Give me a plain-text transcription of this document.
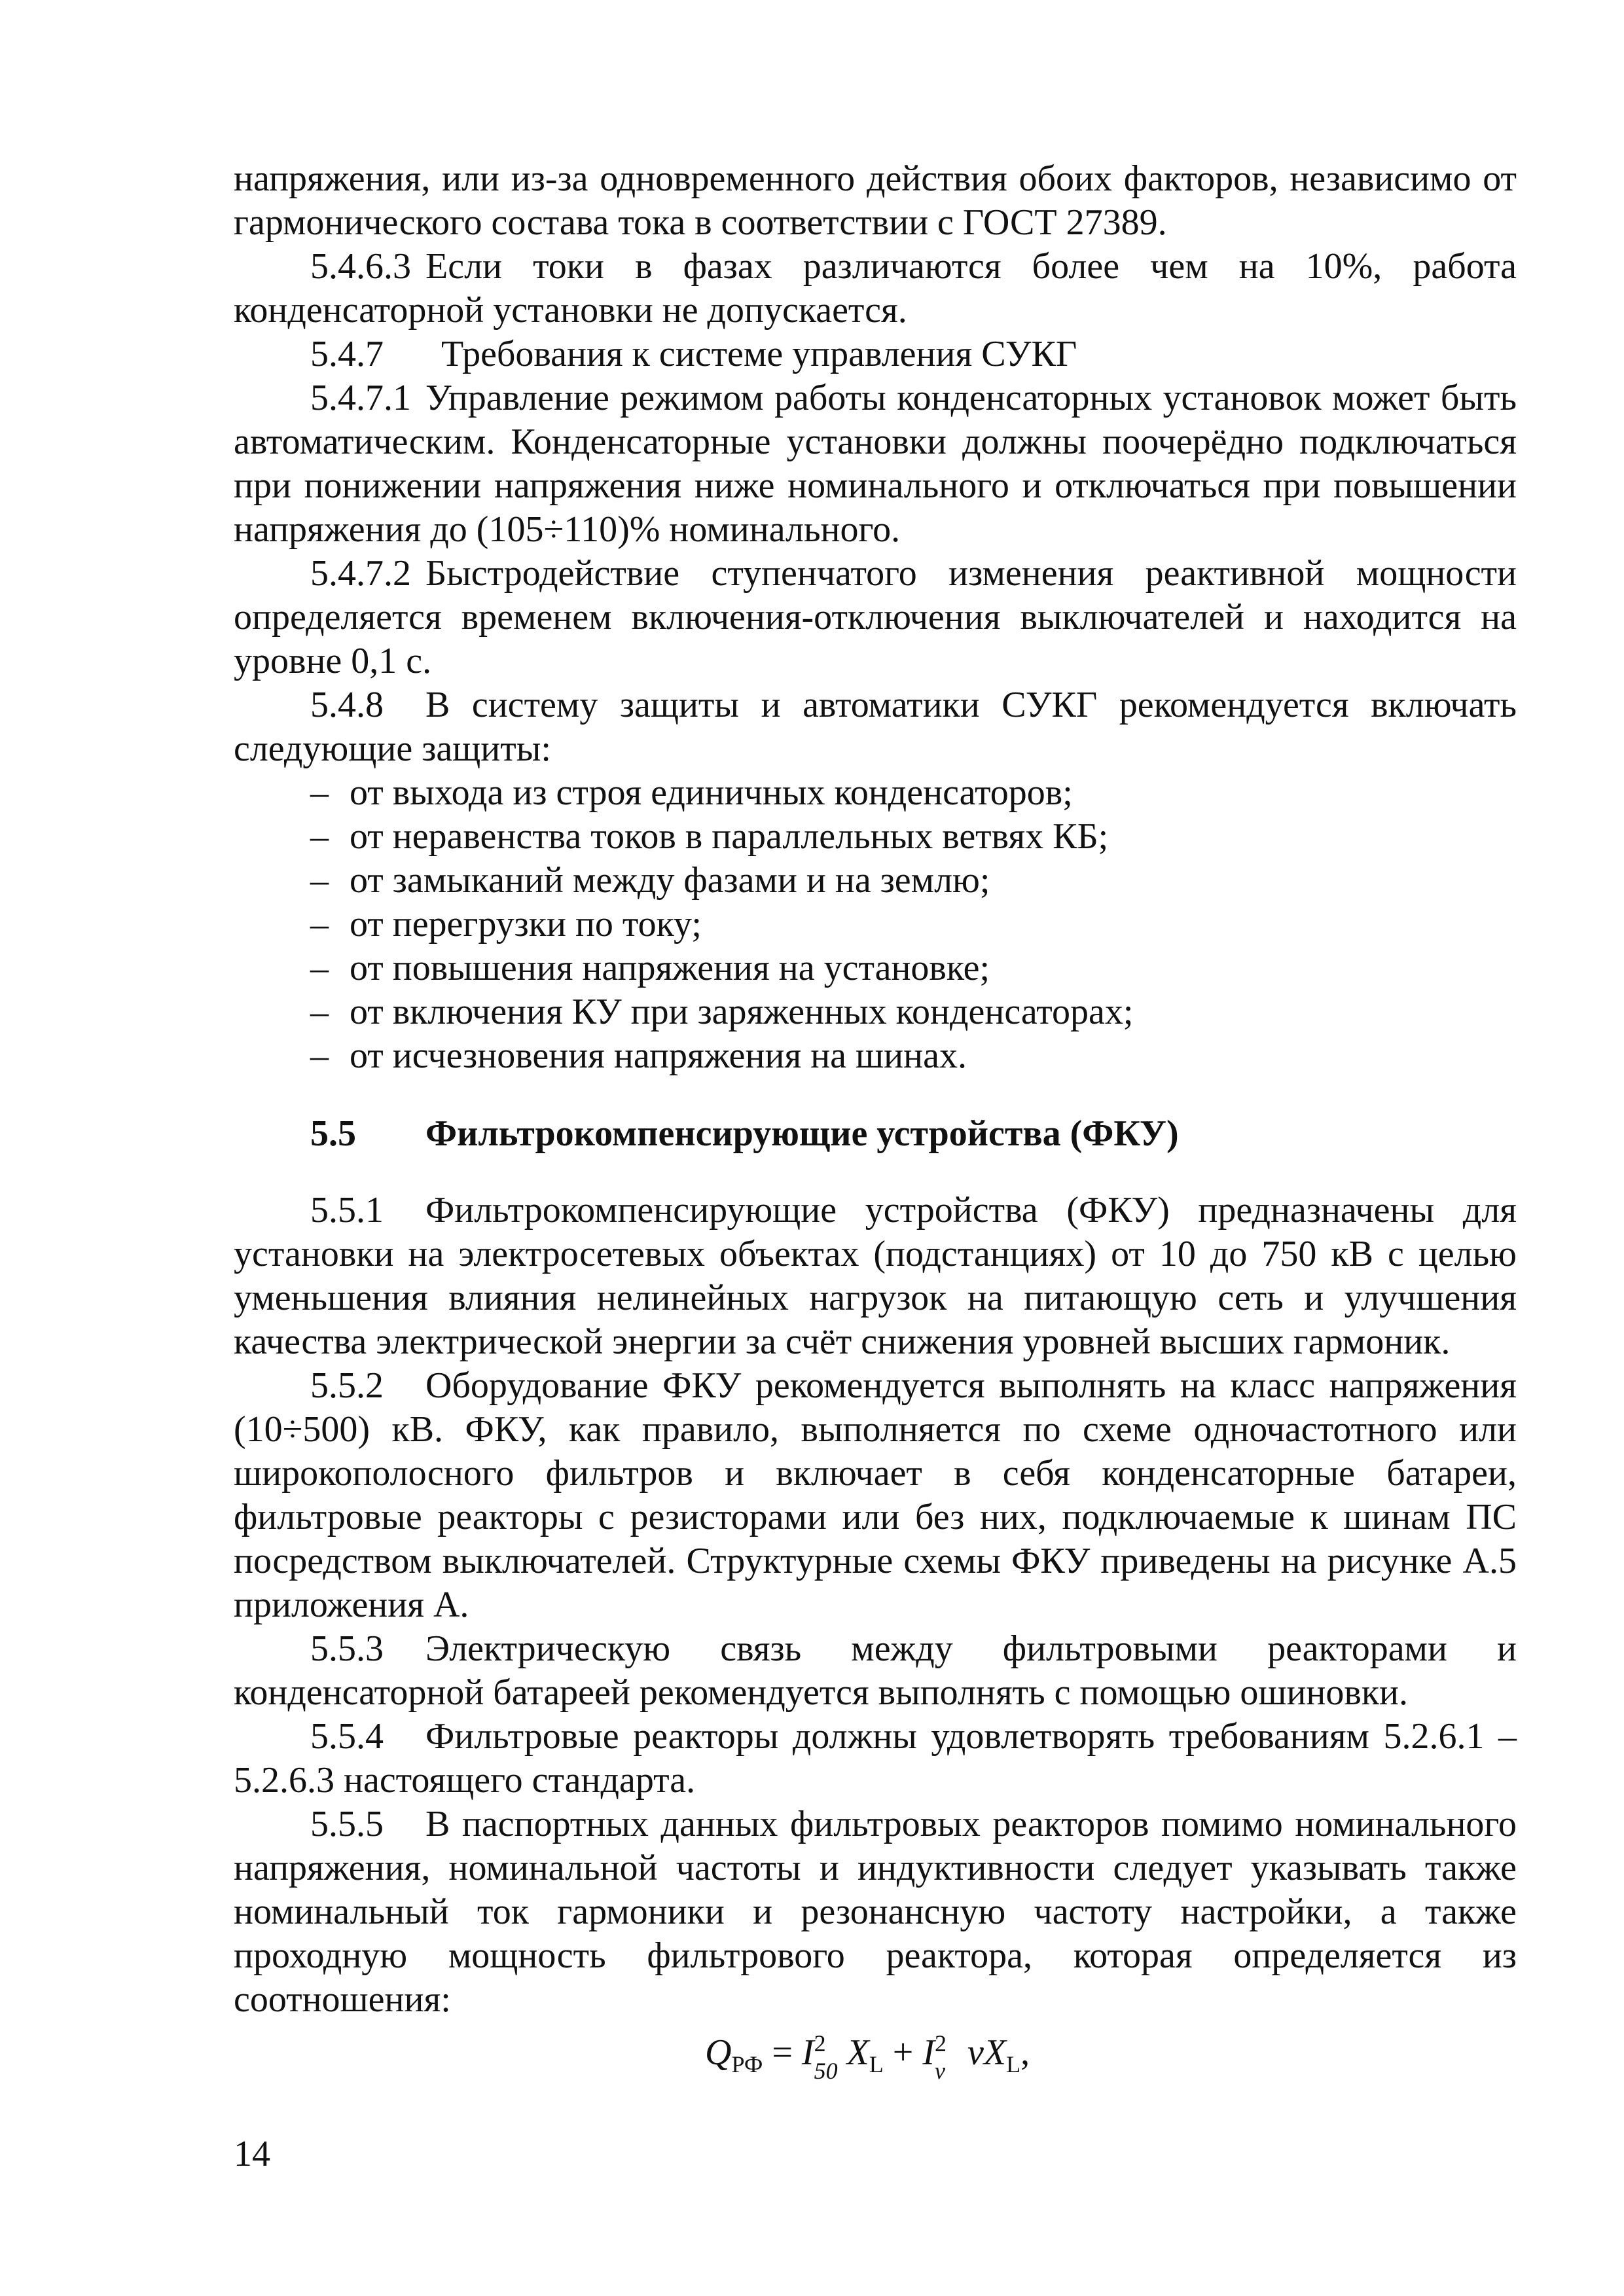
напряжения, или из-за одновременного действия обоих факторов, независимо от гармонического состава тока в соответствии с ГОСТ 27389.

5.4.6.3 Если токи в фазах различаются более чем на 10%, работа конденсаторной установки не допускается.

5.4.7 Требования к системе управления СУКГ

5.4.7.1 Управление режимом работы конденсаторных установок может быть автоматическим. Конденсаторные установки должны поочерёдно подключаться при понижении напряжения ниже номинального и отключаться при повышении напряжения до (105÷110)% номинального.

5.4.7.2 Быстродействие ступенчатого изменения реактивной мощности определяется временем включения-отключения выключателей и находится на уровне 0,1 с.

5.4.8 В систему защиты и автоматики СУКГ рекомендуется включать следующие защиты:

– от выхода из строя единичных конденсаторов;

– от неравенства токов в параллельных ветвях КБ;

– от замыканий между фазами и на землю;

– от перегрузки по току;

– от повышения напряжения на установке;

– от включения КУ при заряженных конденсаторах;

– от исчезновения напряжения на шинах.

5.5 Фильтрокомпенсирующие устройства (ФКУ)

5.5.1 Фильтрокомпенсирующие устройства (ФКУ) предназначены для установки на электросетевых объектах (подстанциях) от 10 до 750 кВ с целью уменьшения влияния нелинейных нагрузок на питающую сеть и улучшения качества электрической энергии за счёт снижения уровней высших гармоник.

5.5.2 Оборудование ФКУ рекомендуется выполнять на класс напряжения (10÷500) кВ. ФКУ, как правило, выполняется по схеме одночастотного или широкополосного фильтров и включает в себя конденсаторные батареи, фильтровые реакторы с резисторами или без них, подключаемые к шинам ПС посредством выключателей. Структурные схемы ФКУ приведены на рисунке А.5 приложения А.

5.5.3 Электрическую связь между фильтровыми реакторами и конденсаторной батареей рекомендуется выполнять с помощью ошиновки.

5.5.4 Фильтровые реакторы должны удовлетворять требованиям 5.2.6.1 – 5.2.6.3 настоящего стандарта.

5.5.5 В паспортных данных фильтровых реакторов помимо номинального напряжения, номинальной частоты и индуктивности следует указывать также номинальный ток гармоники и резонансную частоту настройки, а также проходную мощность фильтрового реактора, которая определяется из соотношения:

$Q_{РФ} = I$ 2
50 $X_L + I$ 2
ν $\nu X_L$,
14
